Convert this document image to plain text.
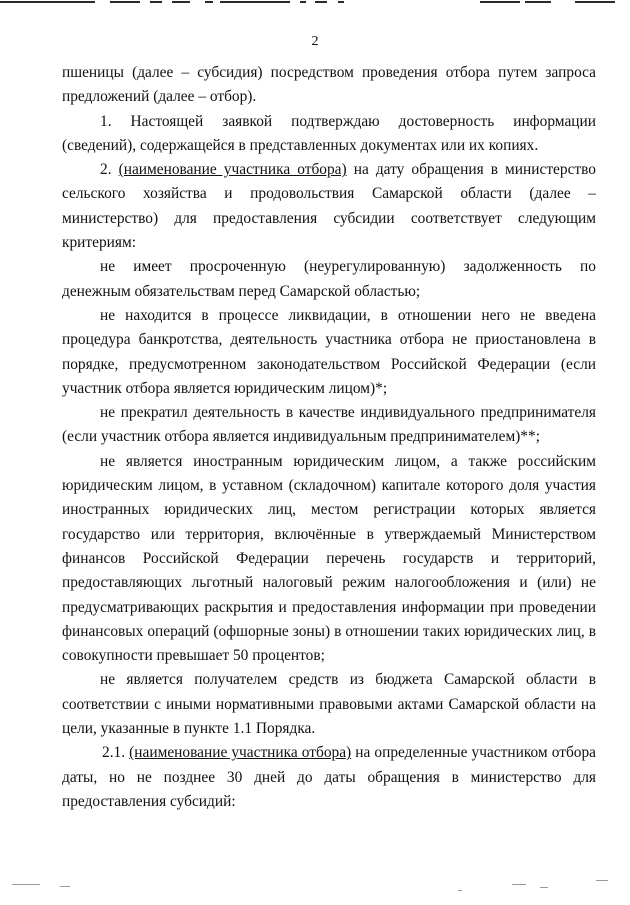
2

пшеницы (далее – субсидия) посредством проведения отбора путем запроса предложений (далее – отбор).

1. Настоящей заявкой подтверждаю достоверность информации (сведений), содержащейся в представленных документах или их копиях.

2. (наименование участника отбора) на дату обращения в министерство сельского хозяйства и продовольствия Самарской области (далее – министерство) для предоставления субсидии соответствует следующим критериям:

не имеет просроченную (неурегулированную) задолженность по денежным обязательствам перед Самарской областью;

не находится в процессе ликвидации, в отношении него не введена процедура банкротства, деятельность участника отбора не приостановлена в порядке, предусмотренном законодательством Российской Федерации (если участник отбора является юридическим лицом)*;

не прекратил деятельность в качестве индивидуального предпринимателя (если участник отбора является индивидуальным предпринимателем)**;

не является иностранным юридическим лицом, а также российским юридическим лицом, в уставном (складочном) капитале которого доля участия иностранных юридических лиц, местом регистрации которых является государство или территория, включённые в утверждаемый Министерством финансов Российской Федерации перечень государств и территорий, предоставляющих льготный налоговый режим налогообложения и (или) не предусматривающих раскрытия и предоставления информации при проведении финансовых операций (офшорные зоны) в отношении таких юридических лиц, в совокупности превышает 50 процентов;

не является получателем средств из бюджета Самарской области в соответствии с иными нормативными правовыми актами Самарской области на цели, указанные в пункте 1.1 Порядка.

2.1. (наименование участника отбора) на определенные участником отбора даты, но не позднее 30 дней до даты обращения в министерство для предоставления субсидий:
